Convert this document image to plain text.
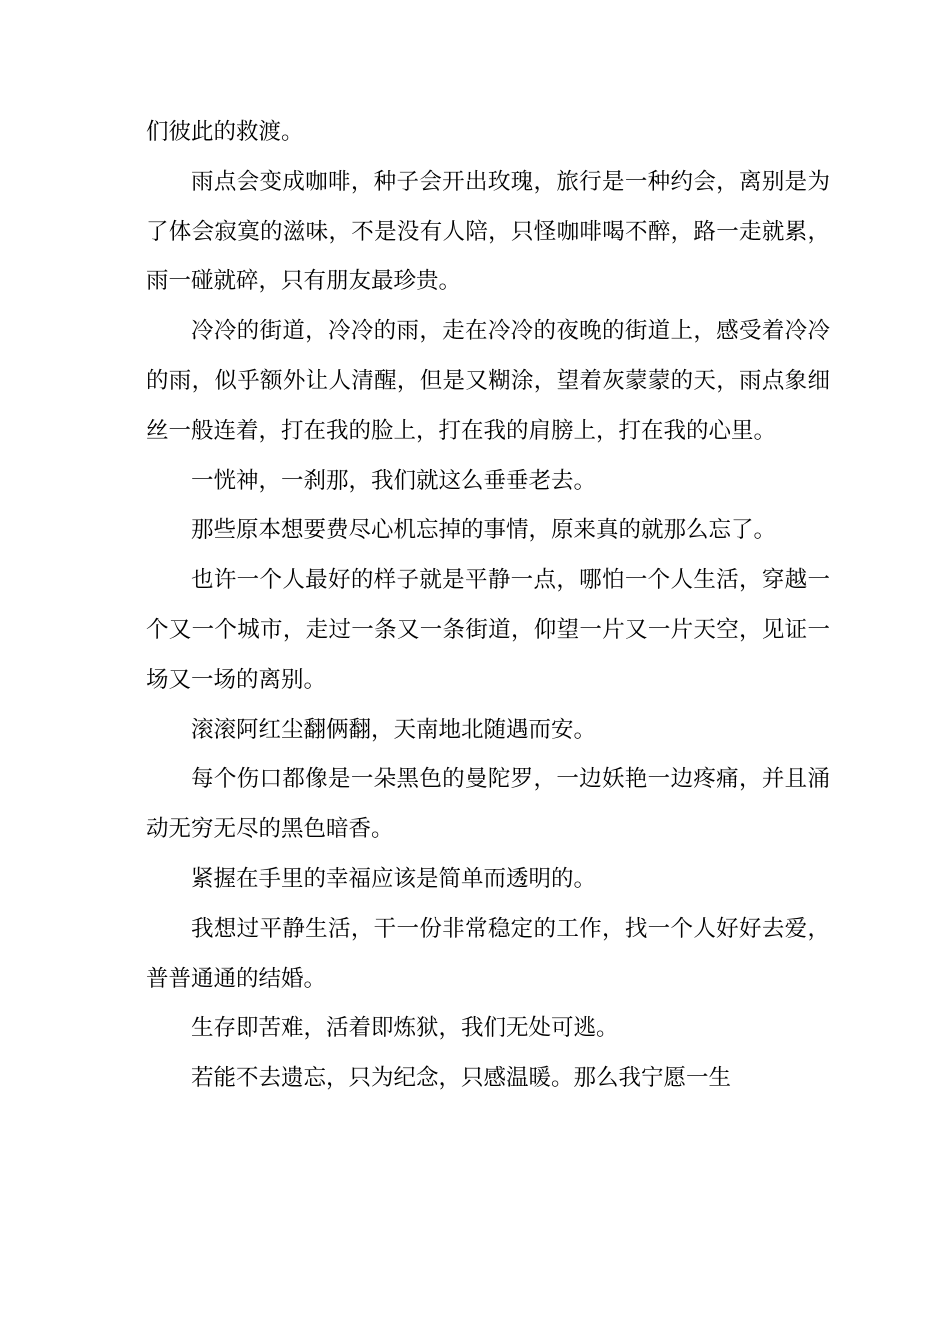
们彼此的救渡。

雨点会变成咖啡，种子会开出玫瑰，旅行是一种约会，离别是为了体会寂寞的滋味，不是没有人陪，只怪咖啡喝不醉，路一走就累，雨一碰就碎，只有朋友最珍贵。

冷冷的街道，冷冷的雨，走在冷冷的夜晚的街道上，感受着冷冷的雨，似乎额外让人清醒，但是又糊涂，望着灰蒙蒙的天，雨点象细丝一般连着，打在我的脸上，打在我的肩膀上，打在我的心里。

一恍神，一刹那，我们就这么垂垂老去。

那些原本想要费尽心机忘掉的事情，原来真的就那么忘了。

也许一个人最好的样子就是平静一点，哪怕一个人生活，穿越一个又一个城市，走过一条又一条街道，仰望一片又一片天空，见证一场又一场的离别。

滚滚阿红尘翻俩翻，天南地北随遇而安。

每个伤口都像是一朵黑色的曼陀罗，一边妖艳一边疼痛，并且涌动无穷无尽的黑色暗香。

紧握在手里的幸福应该是简单而透明的。

我想过平静生活，干一份非常稳定的工作，找一个人好好去爱，普普通通的结婚。

生存即苦难，活着即炼狱，我们无处可逃。

若能不去遗忘，只为纪念，只感温暖。那么我宁愿一生
